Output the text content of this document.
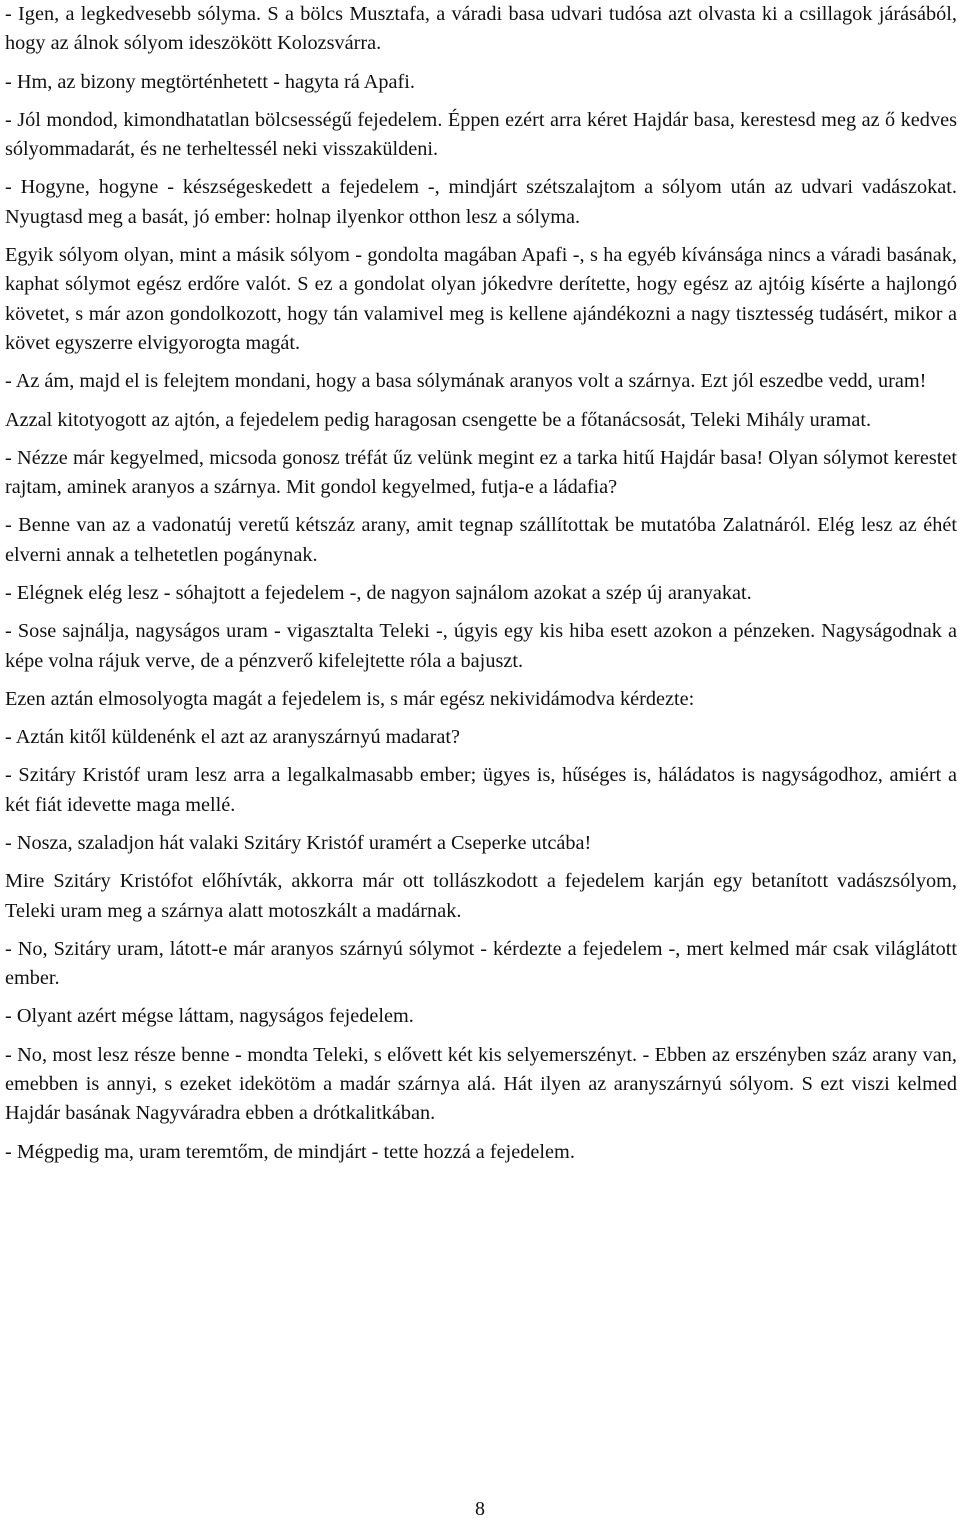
- Igen, a legkedvesebb sólyma. S a bölcs Musztafa, a váradi basa udvari tudósa azt olvasta ki a csillagok járásából, hogy az álnok sólyom ideszökött Kolozsvárra.

- Hm, az bizony megtörténhetett - hagyta rá Apafi.

- Jól mondod, kimondhatatlan bölcsességű fejedelem. Éppen ezért arra kéret Hajdár basa, kerestesd meg az ő kedves sólyommadarát, és ne terheltessél neki visszaküldeni.

- Hogyne, hogyne - készségeskedett a fejedelem -, mindjárt szétszalajtom a sólyom után az udvari vadászokat. Nyugtasd meg a basát, jó ember: holnap ilyenkor otthon lesz a sólyma.

Egyik sólyom olyan, mint a másik sólyom - gondolta magában Apafi -, s ha egyéb kívánsága nincs a váradi basának, kaphat sólymot egész erdőre valót. S ez a gondolat olyan jókedvre derítette, hogy egész az ajtóig kísérte a hajlongó követet, s már azon gondolkozott, hogy tán valamivel meg is kellene ajándékozni a nagy tisztesség tudásért, mikor a követ egyszerre elvigyorogta magát.

- Az ám, majd el is felejtem mondani, hogy a basa sólymának aranyos volt a szárnya. Ezt jól eszedbe vedd, uram!

Azzal kitotyogott az ajtón, a fejedelem pedig haragosan csengette be a főtanácsosát, Teleki Mihály uramat.

- Nézze már kegyelmed, micsoda gonosz tréfát űz velünk megint ez a tarka hitű Hajdár basa! Olyan sólymot kerestet rajtam, aminek aranyos a szárnya. Mit gondol kegyelmed, futja-e a ládafia?

- Benne van az a vadonatúj veretű kétszáz arany, amit tegnap szállítottak be mutatóba Zalatnáról. Elég lesz az éhét elverni annak a telhetetlen pogánynak.

- Elégnek elég lesz - sóhajtott a fejedelem -, de nagyon sajnálom azokat a szép új aranyakat.

- Sose sajnálja, nagyságos uram - vigasztalta Teleki -, úgyis egy kis hiba esett azokon a pénzeken. Nagyságodnak a képe volna rájuk verve, de a pénzverő kifelejtette róla a bajuszt.

Ezen aztán elmosolyogta magát a fejedelem is, s már egész nekividámodva kérdezte:

- Aztán kitől küldenénk el azt az aranyszárnyú madarat?

- Szitáry Kristóf uram lesz arra a legalkalmasabb ember; ügyes is, hűséges is, háládatos is nagyságodhoz, amiért a két fiát idevette maga mellé.

- Nosza, szaladjon hát valaki Szitáry Kristóf uramért a Cseperke utcába!

Mire Szitáry Kristófot előhívták, akkorra már ott tollászkodott a fejedelem karján egy betanított vadászsólyom, Teleki uram meg a szárnya alatt motoszkált a madárnak.

- No, Szitáry uram, látott-e már aranyos szárnyú sólymot - kérdezte a fejedelem -, mert kelmed már csak világlátott ember.

- Olyant azért mégse láttam, nagyságos fejedelem.

- No, most lesz része benne - mondta Teleki, s elővett két kis selyemerszényt. - Ebben az erszényben száz arany van, emebben is annyi, s ezeket idekötöm a madár szárnya alá. Hát ilyen az aranyszárnyú sólyom. S ezt viszi kelmed Hajdár basának Nagyváradra ebben a drótkalitkában.

- Mégpedig ma, uram teremtőm, de mindjárt - tette hozzá a fejedelem.

8
